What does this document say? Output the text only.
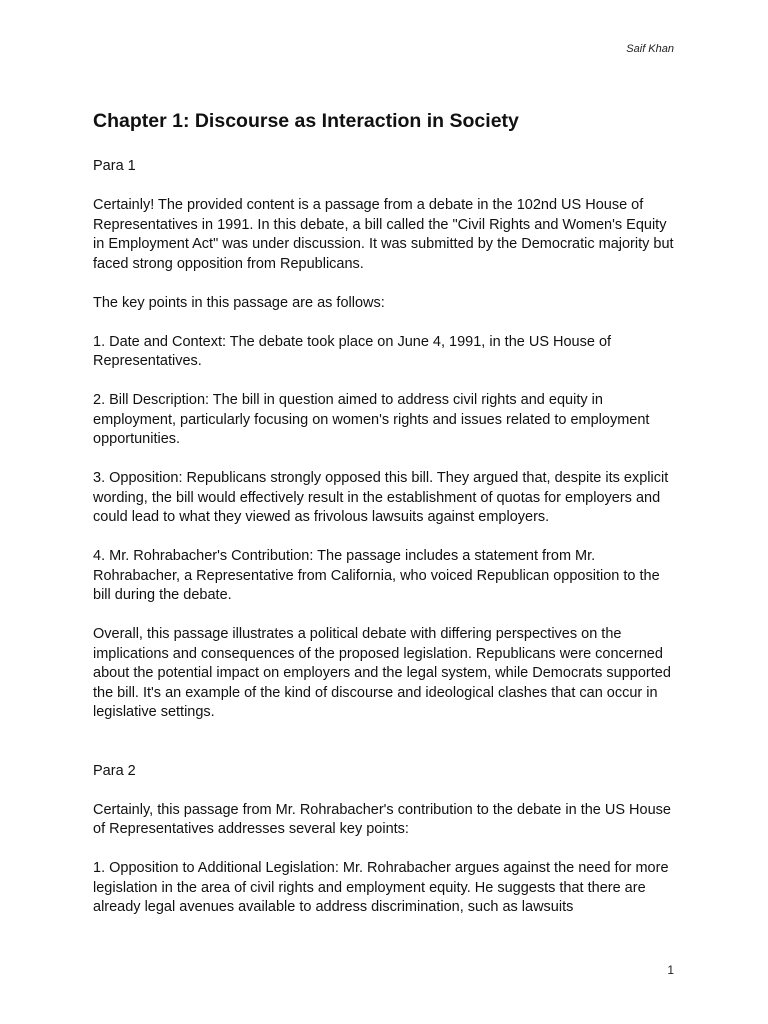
Saif Khan
Chapter 1: Discourse as Interaction in Society

Para 1

Certainly! The provided content is a passage from a debate in the 102nd US House of Representatives in 1991. In this debate, a bill called the "Civil Rights and Women's Equity in Employment Act" was under discussion. It was submitted by the Democratic majority but faced strong opposition from Republicans.

The key points in this passage are as follows:

1. Date and Context: The debate took place on June 4, 1991, in the US House of Representatives.

2. Bill Description: The bill in question aimed to address civil rights and equity in employment, particularly focusing on women's rights and issues related to employment opportunities.

3. Opposition: Republicans strongly opposed this bill. They argued that, despite its explicit wording, the bill would effectively result in the establishment of quotas for employers and could lead to what they viewed as frivolous lawsuits against employers.

4. Mr. Rohrabacher's Contribution: The passage includes a statement from Mr. Rohrabacher, a Representative from California, who voiced Republican opposition to the bill during the debate.

Overall, this passage illustrates a political debate with differing perspectives on the implications and consequences of the proposed legislation. Republicans were concerned about the potential impact on employers and the legal system, while Democrats supported the bill. It's an example of the kind of discourse and ideological clashes that can occur in legislative settings.

Para 2

Certainly, this passage from Mr. Rohrabacher's contribution to the debate in the US House of Representatives addresses several key points:

1. Opposition to Additional Legislation: Mr. Rohrabacher argues against the need for more legislation in the area of civil rights and employment equity. He suggests that there are already legal avenues available to address discrimination, such as lawsuits

1
